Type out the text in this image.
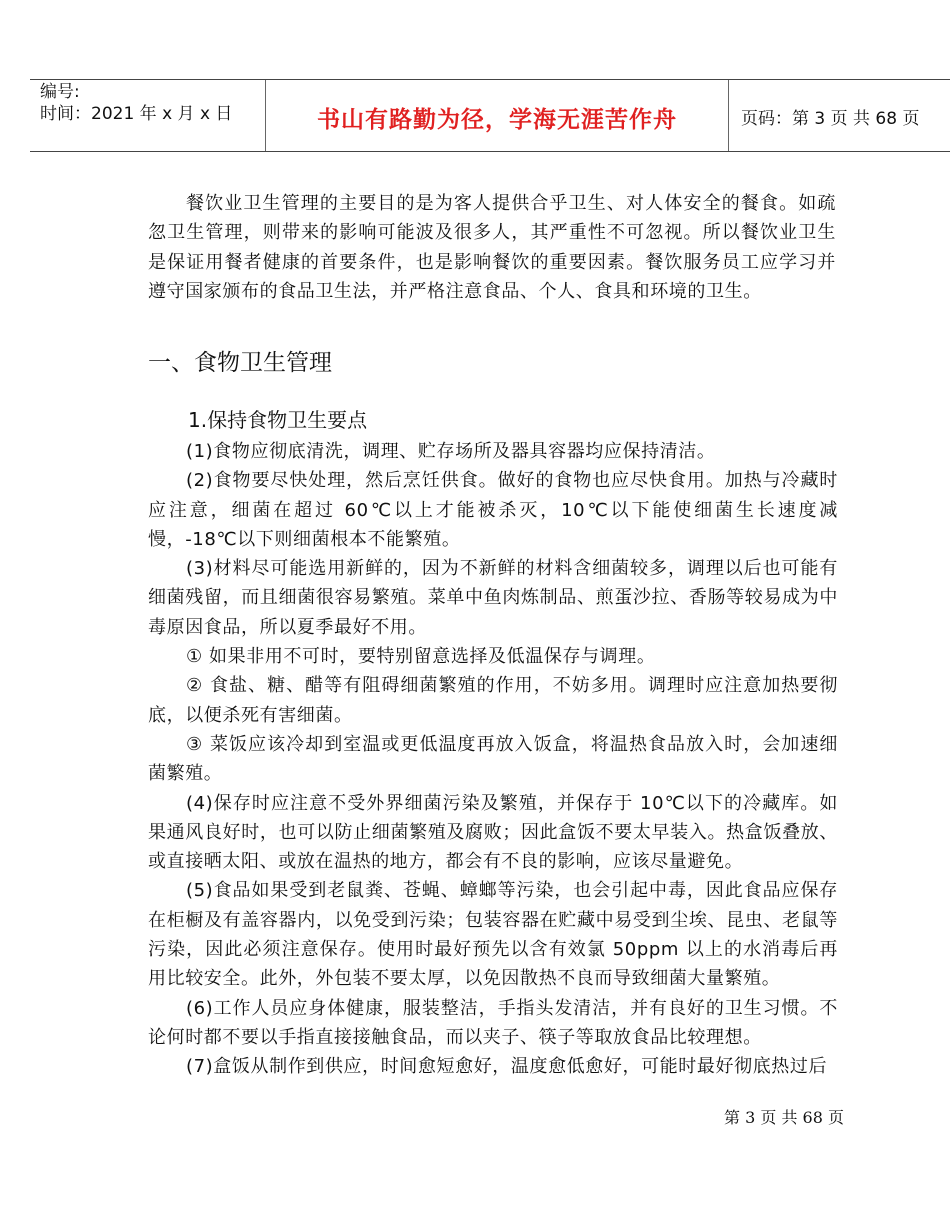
编号:
时间：2021 年 x 月 x 日	书山有路勤为径，学海无涯苦作舟	页码：第 3 页 共 68 页

餐饮业卫生管理的主要目的是为客人提供合乎卫生、对人体安全的餐食。如疏忽卫生管理，则带来的影响可能波及很多人，其严重性不可忽视。所以餐饮业卫生是保证用餐者健康的首要条件，也是影响餐饮的重要因素。餐饮服务员工应学习并遵守国家颁布的食品卫生法，并严格注意食品、个人、食具和环境的卫生。

一、食物卫生管理
1.保持食物卫生要点

(1)食物应彻底清洗，调理、贮存场所及器具容器均应保持清洁。

(2)食物要尽快处理，然后烹饪供食。做好的食物也应尽快食用。加热与冷藏时应注意，细菌在超过 60℃以上才能被杀灭，10℃以下能使细菌生长速度减慢，-18℃以下则细菌根本不能繁殖。

(3)材料尽可能选用新鲜的，因为不新鲜的材料含细菌较多，调理以后也可能有细菌残留，而且细菌很容易繁殖。菜单中鱼肉炼制品、煎蛋沙拉、香肠等较易成为中毒原因食品，所以夏季最好不用。

① 如果非用不可时，要特别留意选择及低温保存与调理。

② 食盐、糖、醋等有阻碍细菌繁殖的作用，不妨多用。调理时应注意加热要彻底，以便杀死有害细菌。

③ 菜饭应该冷却到室温或更低温度再放入饭盒，将温热食品放入时，会加速细菌繁殖。

(4)保存时应注意不受外界细菌污染及繁殖，并保存于 10℃以下的冷藏库。如果通风良好时，也可以防止细菌繁殖及腐败；因此盒饭不要太早装入。热盒饭叠放、或直接晒太阳、或放在温热的地方，都会有不良的影响，应该尽量避免。

(5)食品如果受到老鼠粪、苍蝇、蟑螂等污染，也会引起中毒，因此食品应保存在柜橱及有盖容器内，以免受到污染；包装容器在贮藏中易受到尘埃、昆虫、老鼠等污染，因此必须注意保存。使用时最好预先以含有效氯 50ppm 以上的水消毒后再用比较安全。此外，外包装不要太厚，以免因散热不良而导致细菌大量繁殖。

(6)工作人员应身体健康，服装整洁，手指头发清洁，并有良好的卫生习惯。不论何时都不要以手指直接接触食品，而以夹子、筷子等取放食品比较理想。

(7)盒饭从制作到供应，时间愈短愈好，温度愈低愈好，可能时最好彻底热过后

第 3 页 共 68 页
